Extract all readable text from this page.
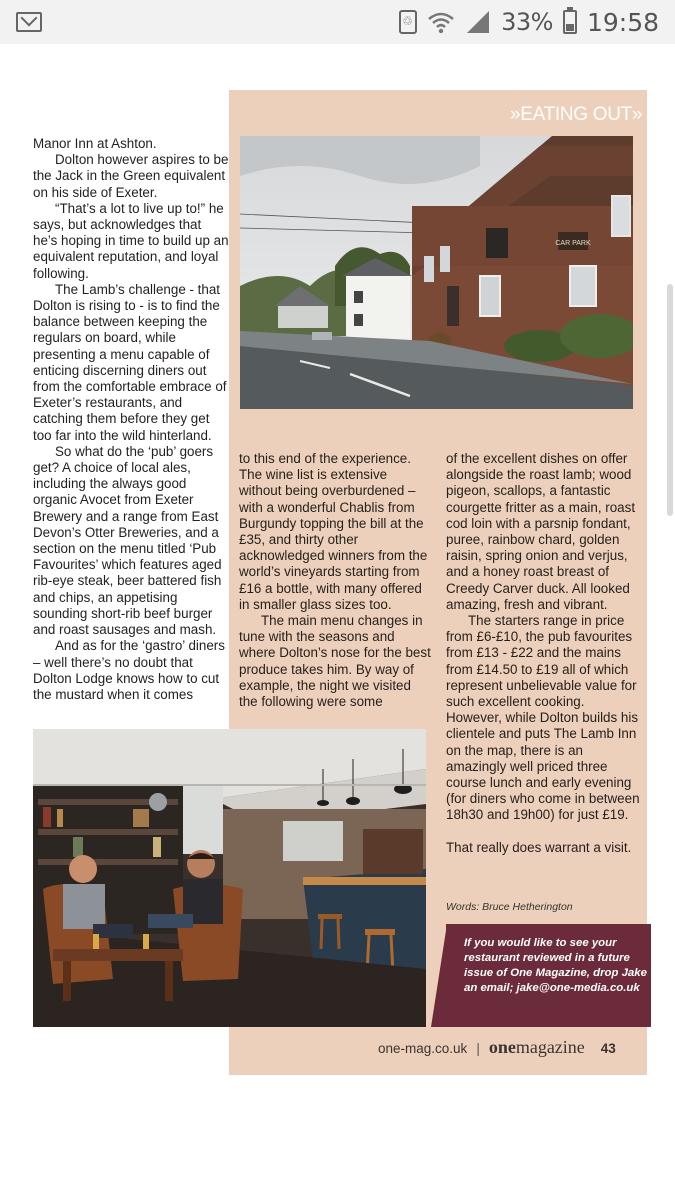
♲
33% 19:58
»EATING OUT»

Manor Inn at Ashton.

Dolton however aspires to be the Jack in the Green equivalent on his side of Exeter.

“That’s a lot to live up to!” he says, but acknowledges that he’s hoping in time to build up an equivalent reputation, and loyal following.

The Lamb’s challenge - that Dolton is rising to - is to find the balance between keeping the regulars on board, while presenting a menu capable of enticing discerning diners out from the comfortable embrace of Exeter’s restaurants, and catching them before they get too far into the wild hinterland.

So what do the ‘pub’ goers get? A choice of local ales, including the always good organic Avocet from Exeter Brewery and a range from East Devon’s Otter Breweries, and a section on the menu titled ‘Pub Favourites’ which features aged rib-eye steak, beer battered fish and chips, an appetising sounding short-rib beef burger and roast sausages and mash.

And as for the ‘gastro’ diners – well there’s no doubt that Dolton Lodge knows how to cut the mustard when it comes

CAR PARK

to this end of the experience. The wine list is extensive without being overburdened – with a wonderful Chablis from Burgundy topping the bill at the £35, and thirty other acknowledged winners from the world’s vineyards starting from £16 a bottle, with many offered in smaller glass sizes too.

The main menu changes in tune with the seasons and where Dolton’s nose for the best produce takes him. By way of example, the night we visited the following were some

of the excellent dishes on offer alongside the roast lamb; wood pigeon, scallops, a fantastic courgette fritter as a main, roast cod loin with a parsnip fondant, puree, rainbow chard, golden raisin, spring onion and verjus, and a honey roast breast of Creedy Carver duck. All looked amazing, fresh and vibrant.

The starters range in price from £6-£10, the pub favourites from £13 - £22 and the mains from £14.50 to £19 all of which represent unbelievable value for such excellent cooking. However, while Dolton builds his clientele and puts The Lamb Inn on the map, there is an amazingly well priced three course lunch and early evening (for diners who come in between 18h30 and 19h00) for just £19.

That really does warrant a visit.

Words: Bruce Hetherington
If you would like to see your restaurant reviewed in a future issue of One Magazine, drop Jake an email; jake@one-media.co.uk
one-mag.co.uk | onemagazine 43
